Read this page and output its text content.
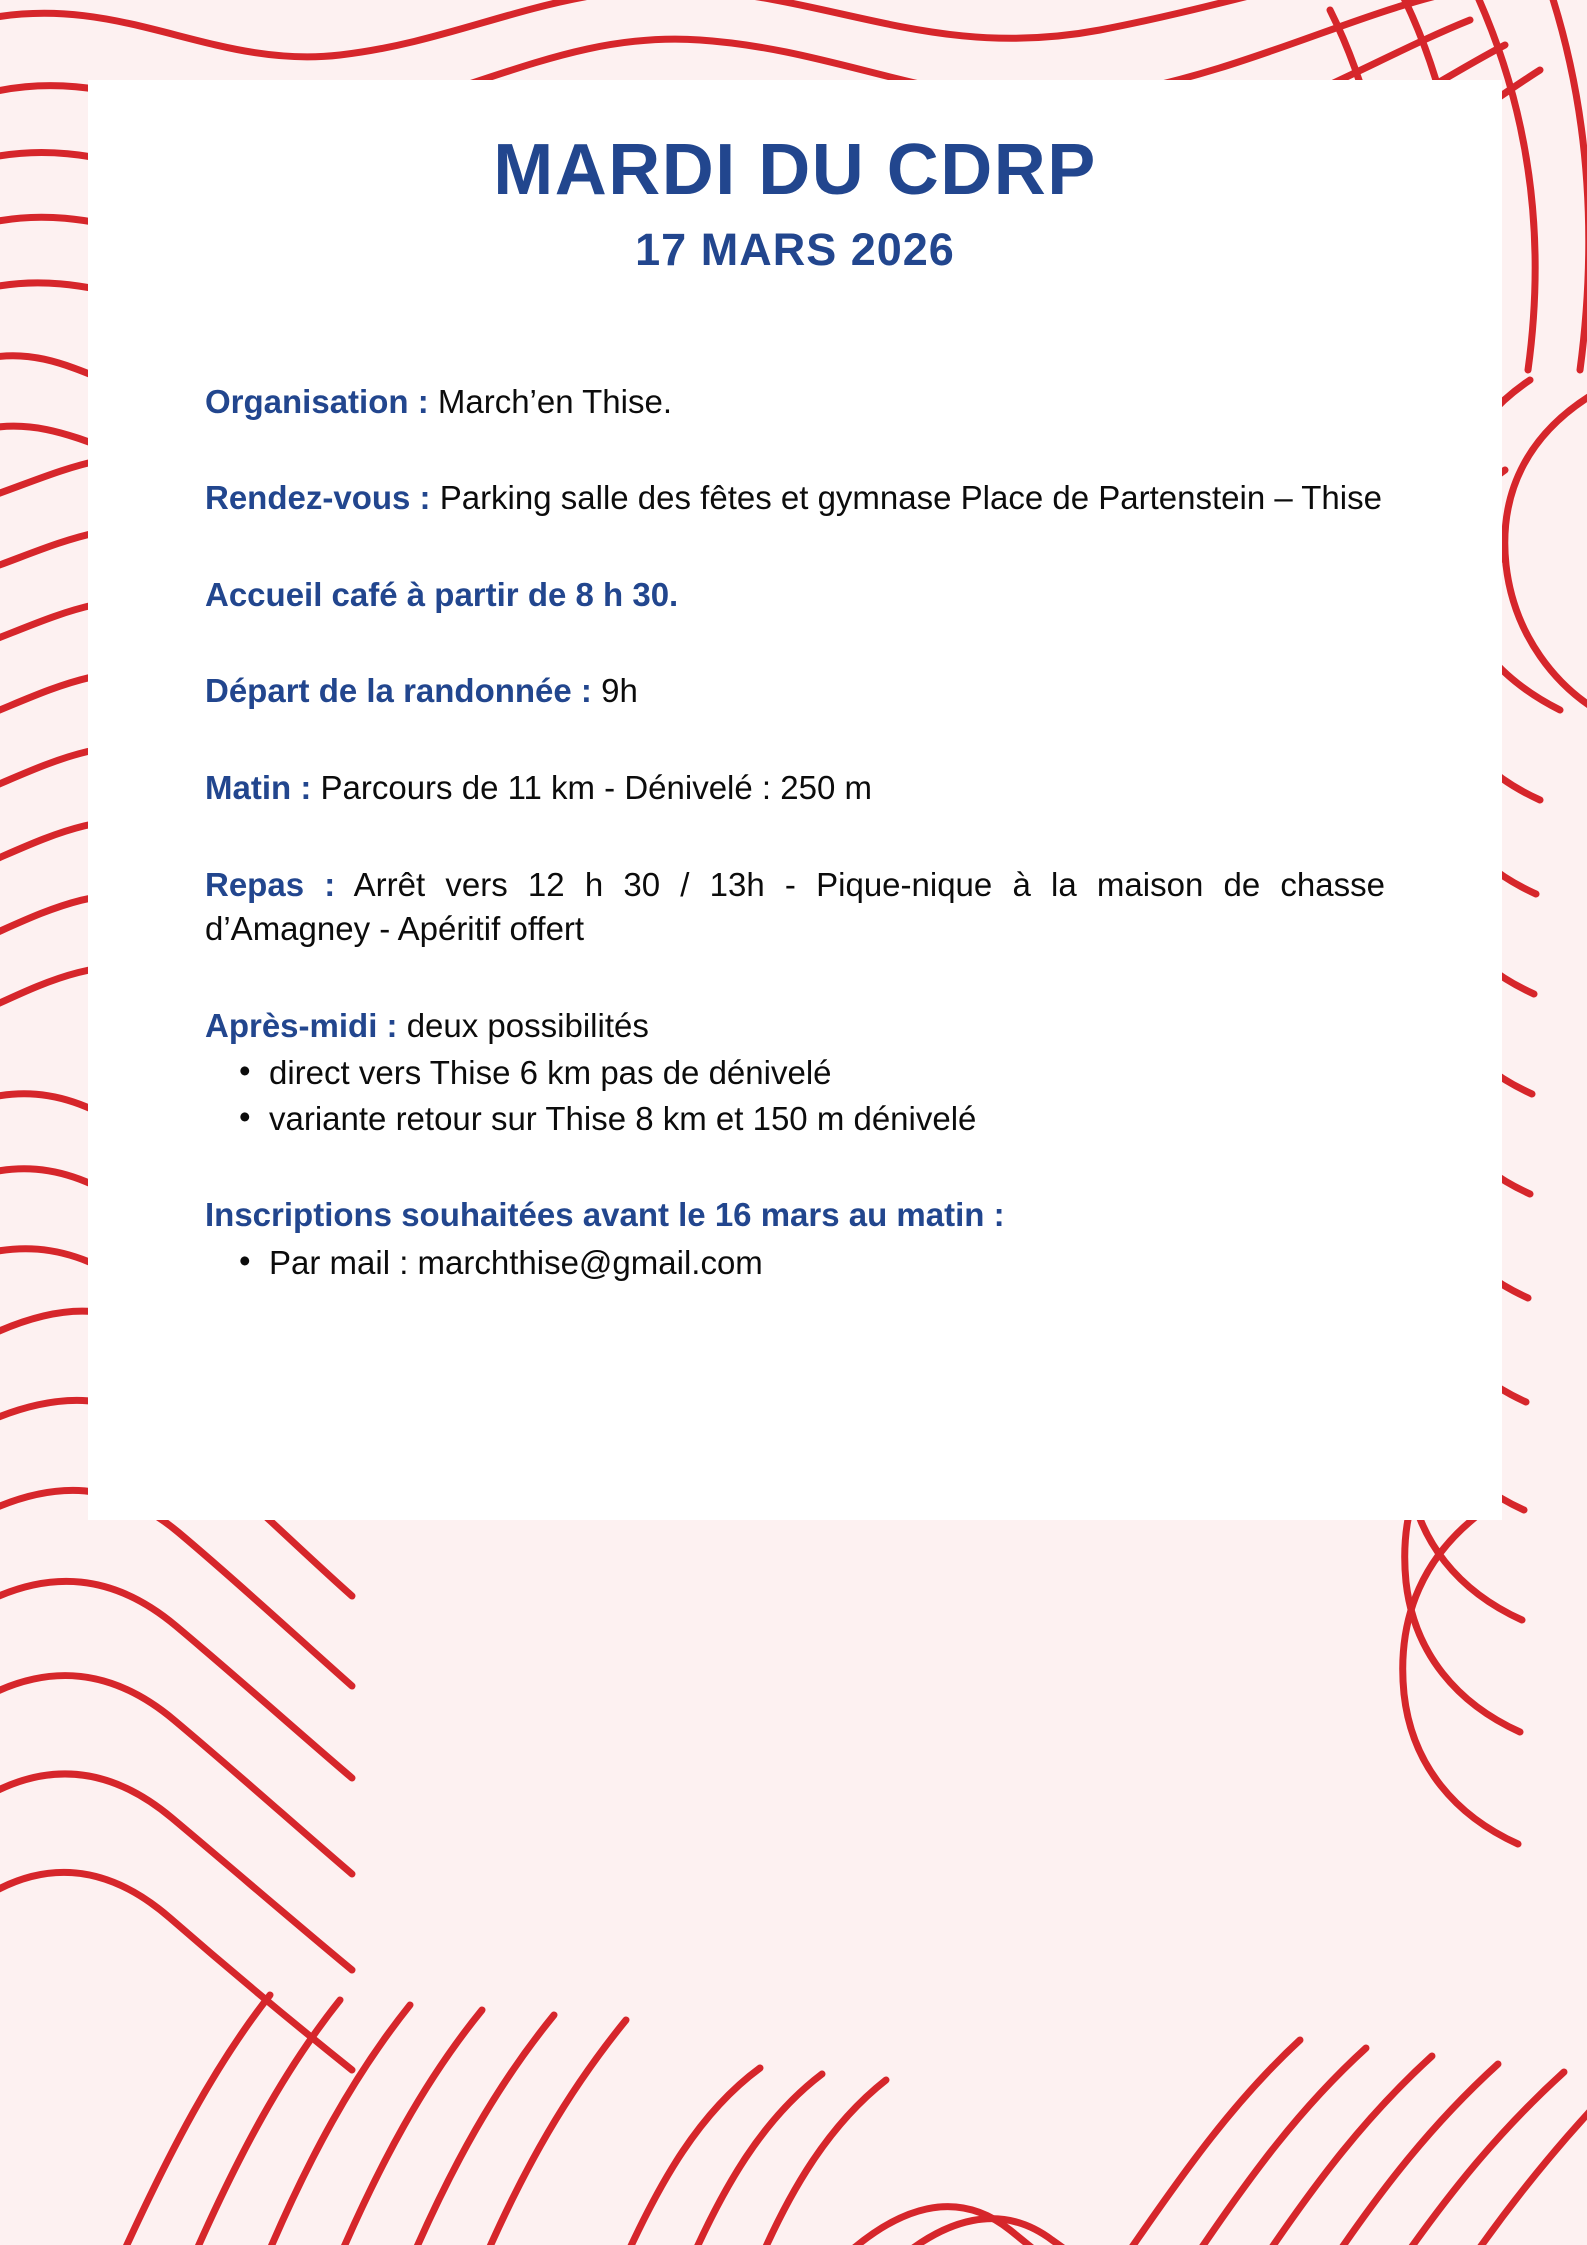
MARDI DU CDRP
17 MARS 2026

Organisation : March’en Thise.

Rendez-vous : Parking salle des fêtes et gymnase Place de Partenstein – Thise

Accueil café à partir de 8 h 30.

Départ de la randonnée : 9h

Matin : Parcours de 11 km - Dénivelé : 250 m

Repas : Arrêt vers 12 h 30 / 13h - Pique-nique à la maison de chasse d’Amagney - Apéritif offert

Après-midi : deux possibilités

• direct vers Thise 6 km pas de dénivelé
• variante retour sur Thise 8 km et 150 m dénivelé

Inscriptions souhaitées avant le 16 mars au matin :

• Par mail : marchthise@gmail.com
